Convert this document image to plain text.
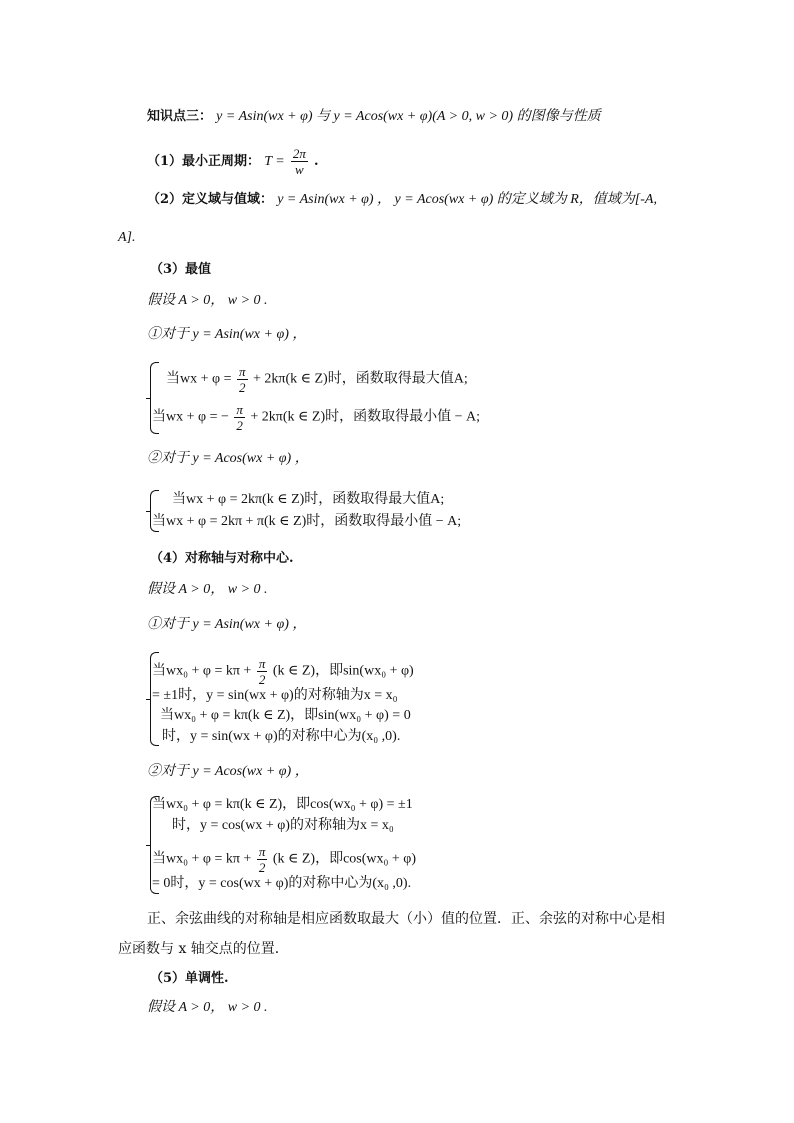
知识点三： y = Asin(wx + φ) 与 y = Acos(wx + φ)(A > 0, w > 0) 的图像与性质
（1）最小正周期： $T = \frac{2\pi}{w}$ .
（2）定义域与值域： y = Asin(wx + φ) ， y = Acos(wx + φ) 的定义域为 R，值域为[-A,
A].
（3）最值
假设 A > 0， w > 0 .
①对于 y = Asin(wx + φ) ，
当wx + $\varphi = \frac{\pi}{2} + 2k\pi(k$ ∈ Z)时，函数取得最大值A;
当wx + φ = − $\frac{\pi}{2} + 2k\pi(k$ ∈ Z)时，函数取得最小值 − A;
②对于 y = Acos(wx + φ) ，
当wx + φ = 2kπ(k ∈ Z)时，函数取得最大值A;
当wx + φ = 2kπ + π(k ∈ Z)时，函数取得最小值 − A;
（4）对称轴与对称中心.
假设 A > 0， w > 0 .
①对于 y = Asin(wx + φ) ，
当$wx_0 + \varphi = k\pi + \frac{\pi}{2} (k$ ∈ Z)，即sin(wx₀ + φ)
= ±1时，y = sin(wx + φ)的对称轴为x = x₀
当wx₀ + φ = kπ(k ∈ Z)，即sin(wx₀ + φ) = 0
时，y = sin(wx + φ)的对称中心为(x₀ ,0).
②对于 y = Acos(wx + φ) ，
当wx₀ + φ = kπ(k ∈ Z)，即cos(wx₀ + φ) = ±1
时，y = cos(wx + φ)的对称轴为x = x₀
当$wx_0 + \varphi = k\pi + \frac{\pi}{2} (k$ ∈ Z)，即cos(wx₀ + φ)
= 0时，y = cos(wx + φ)的对称中心为(x₀ ,0).
正、余弦曲线的对称轴是相应函数取最大（小）值的位置．正、余弦的对称中心是相
应函数与 x 轴交点的位置．
（5）单调性.
假设 A > 0， w > 0 .
